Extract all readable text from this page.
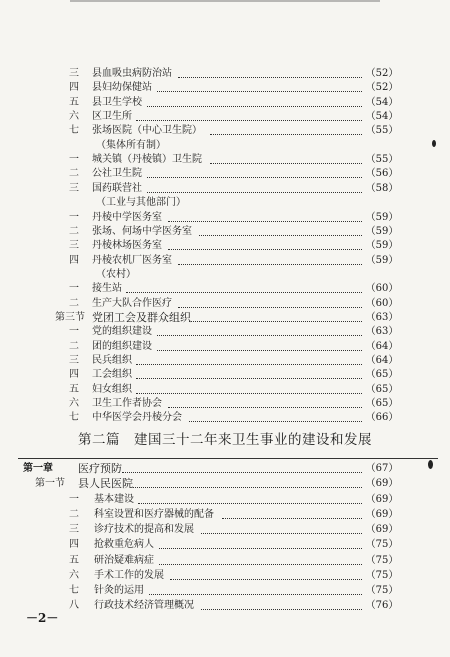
三	县血吸虫病防治站	（52）
四	县妇幼保健站	（52）
五	县卫生学校	（54）
六	区卫生所	（54）
七	张场医院（中心卫生院）	（55）
（集体所有制）
一	城关镇（丹棱镇）卫生院	（55）
二	公社卫生院	（56）
三	国药联营社	（58）
（工业与其他部门）
一	丹棱中学医务室	（59）
二	张场、何场中学医务室	（59）
三	丹棱林场医务室	（59）
四	丹棱农机厂医务室	（59）
（农村）
一	接生站	（60）
二	生产大队合作医疗	（60）
第三节 党团工会及群众组织	（63）
一	党的组织建设	（63）
二	团的组织建设	（64）
三	民兵组织	（64）
四	工会组织	（65）
五	妇女组织	（65）
六	卫生工作者协会	（65）
七	中华医学会丹棱分会	（66）
第二篇　建国三十二年来卫生事业的建设和发展
第一章	医疗预防	（67）
第一节	县人民医院	（69）
一	基本建设	（69）
二	科室设置和医疗器械的配备	（69）
三	诊疗技术的提高和发展	（69）
四	抢救重危病人	（75）
五	研治疑难病症	（75）
六	手术工作的发展	（75）
七	针灸的运用	（75）
八	行政技术经济管理概况	（76）
－2－
